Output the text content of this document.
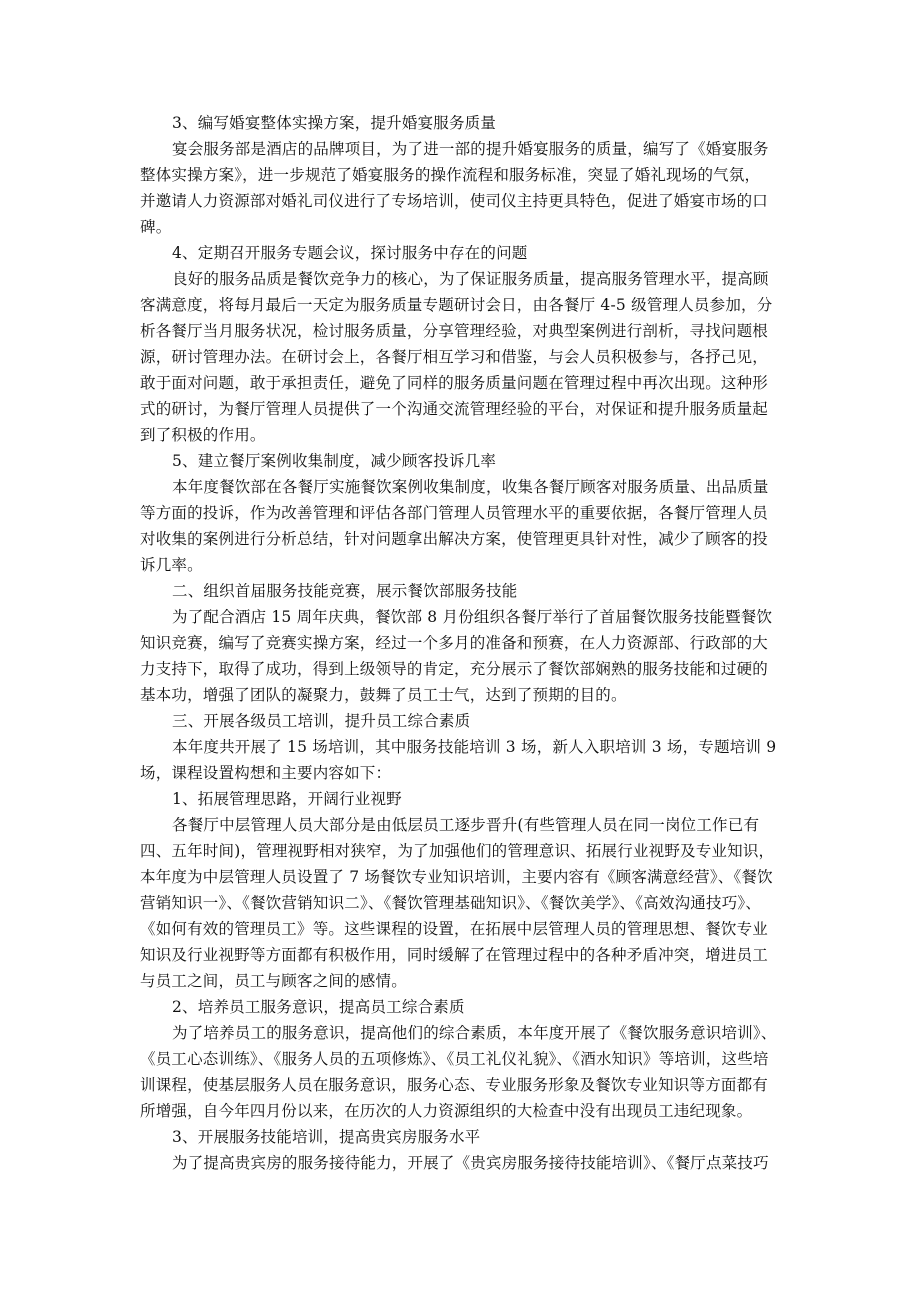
3、编写婚宴整体实操方案，提升婚宴服务质量
宴会服务部是酒店的品牌项目，为了进一部的提升婚宴服务的质量，编写了《婚宴服务
整体实操方案》，进一步规范了婚宴服务的操作流程和服务标准，突显了婚礼现场的气氛，
并邀请人力资源部对婚礼司仪进行了专场培训，使司仪主持更具特色，促进了婚宴市场的口
碑。
4、定期召开服务专题会议，探讨服务中存在的问题
良好的服务品质是餐饮竞争力的核心，为了保证服务质量，提高服务管理水平，提高顾
客满意度，将每月最后一天定为服务质量专题研讨会日，由各餐厅 4-5 级管理人员参加，分
析各餐厅当月服务状况，检讨服务质量，分享管理经验，对典型案例进行剖析，寻找问题根
源，研讨管理办法。在研讨会上，各餐厅相互学习和借鉴，与会人员积极参与，各抒己见，
敢于面对问题，敢于承担责任，避免了同样的服务质量问题在管理过程中再次出现。这种形
式的研讨，为餐厅管理人员提供了一个沟通交流管理经验的平台，对保证和提升服务质量起
到了积极的作用。
5、建立餐厅案例收集制度，减少顾客投诉几率
本年度餐饮部在各餐厅实施餐饮案例收集制度，收集各餐厅顾客对服务质量、出品质量
等方面的投诉，作为改善管理和评估各部门管理人员管理水平的重要依据，各餐厅管理人员
对收集的案例进行分析总结，针对问题拿出解决方案，使管理更具针对性，减少了顾客的投
诉几率。
二、组织首届服务技能竞赛，展示餐饮部服务技能
为了配合酒店 15 周年庆典，餐饮部 8 月份组织各餐厅举行了首届餐饮服务技能暨餐饮
知识竞赛，编写了竞赛实操方案，经过一个多月的准备和预赛，在人力资源部、行政部的大
力支持下，取得了成功，得到上级领导的肯定，充分展示了餐饮部娴熟的服务技能和过硬的
基本功，增强了团队的凝聚力，鼓舞了员工士气，达到了预期的目的。
三、开展各级员工培训，提升员工综合素质
本年度共开展了 15 场培训，其中服务技能培训 3 场，新人入职培训 3 场，专题培训 9
场，课程设置构想和主要内容如下：
1、拓展管理思路，开阔行业视野
各餐厅中层管理人员大部分是由低层员工逐步晋升(有些管理人员在同一岗位工作已有
四、五年时间)，管理视野相对狭窄，为了加强他们的管理意识、拓展行业视野及专业知识，
本年度为中层管理人员设置了 7 场餐饮专业知识培训，主要内容有《顾客满意经营》、《餐饮
营销知识一》、《餐饮营销知识二》、《餐饮管理基础知识》、《餐饮美学》、《高效沟通技巧》、
《如何有效的管理员工》等。这些课程的设置，在拓展中层管理人员的管理思想、餐饮专业
知识及行业视野等方面都有积极作用，同时缓解了在管理过程中的各种矛盾冲突，增进员工
与员工之间，员工与顾客之间的感情。
2、培养员工服务意识，提高员工综合素质
为了培养员工的服务意识，提高他们的综合素质，本年度开展了《餐饮服务意识培训》、
《员工心态训练》、《服务人员的五项修炼》、《员工礼仪礼貌》、《酒水知识》等培训，这些培
训课程，使基层服务人员在服务意识，服务心态、专业服务形象及餐饮专业知识等方面都有
所增强，自今年四月份以来，在历次的人力资源组织的大检查中没有出现员工违纪现象。
3、开展服务技能培训，提高贵宾房服务水平
为了提高贵宾房的服务接待能力，开展了《贵宾房服务接待技能培训》、《餐厅点菜技巧
